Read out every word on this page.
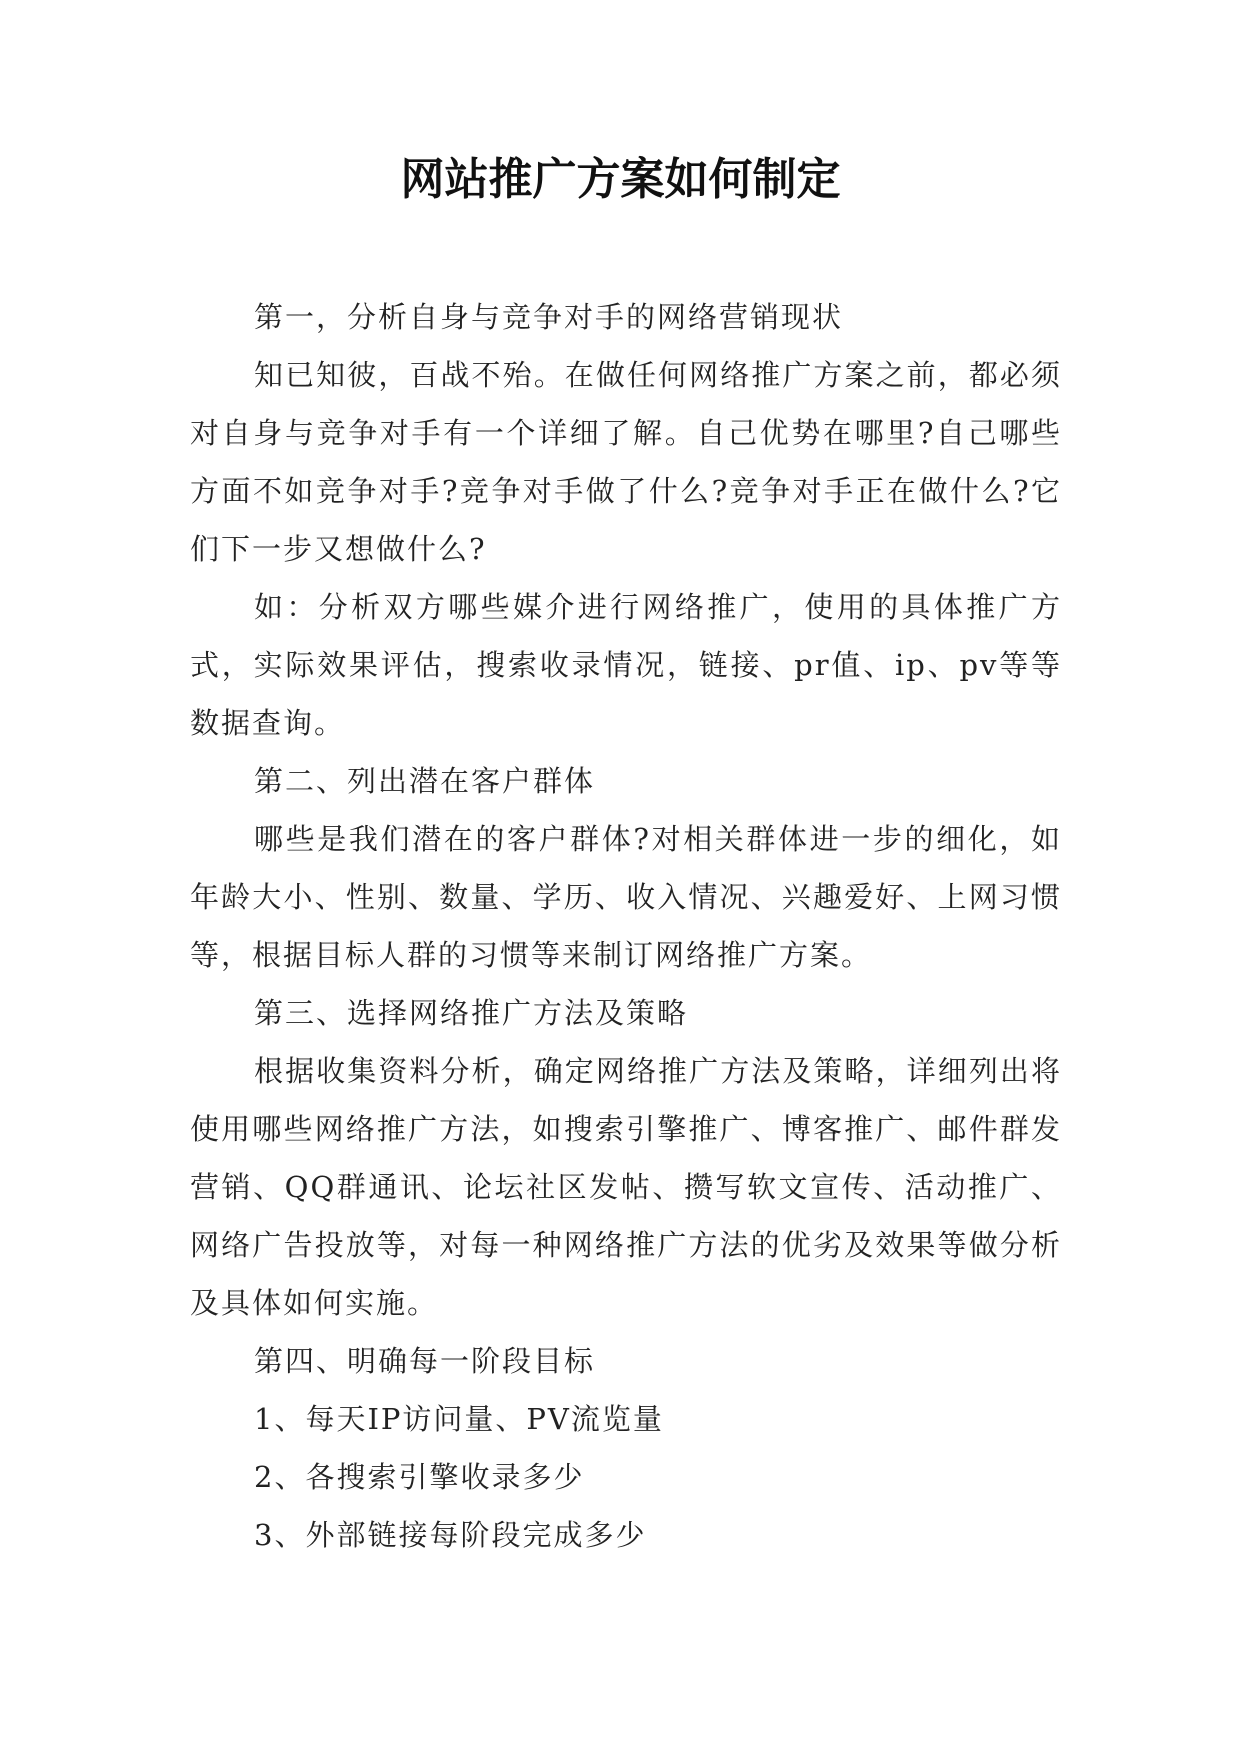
网站推广方案如何制定

第一，分析自身与竞争对手的网络营销现状

知已知彼，百战不殆。在做任何网络推广方案之前，都必须对自身与竞争对手有一个详细了解。自己优势在哪里?自己哪些方面不如竞争对手?竞争对手做了什么?竞争对手正在做什么?它们下一步又想做什么?

如：分析双方哪些媒介进行网络推广，使用的具体推广方式，实际效果评估，搜索收录情况，链接、pr值、ip、pv等等数据查询。

第二、列出潜在客户群体

哪些是我们潜在的客户群体?对相关群体进一步的细化，如年龄大小、性别、数量、学历、收入情况、兴趣爱好、上网习惯等，根据目标人群的习惯等来制订网络推广方案。

第三、选择网络推广方法及策略

根据收集资料分析，确定网络推广方法及策略，详细列出将使用哪些网络推广方法，如搜索引擎推广、博客推广、邮件群发营销、QQ群通讯、论坛社区发帖、攒写软文宣传、活动推广、网络广告投放等，对每一种网络推广方法的优劣及效果等做分析及具体如何实施。

第四、明确每一阶段目标

1、每天IP访问量、PV流览量

2、各搜索引擎收录多少

3、外部链接每阶段完成多少
